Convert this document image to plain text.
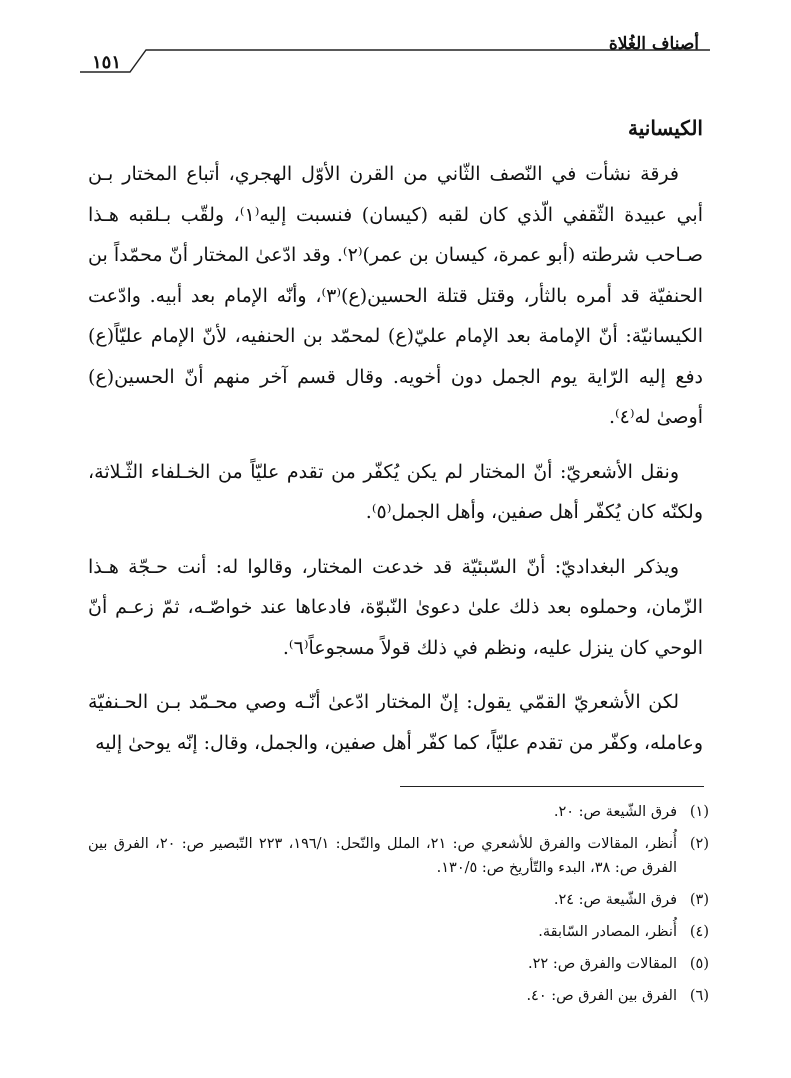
أصناف الغُلاة
١٥١
الكيسانية

فرقة نشأت في النّصف الثّاني من القرن الأوّل الهجري، أتباع المختار بـن أبي عبيدة الثّقفي الّذي كان لقبه (كيسان) فنسبت إليه⁽١⁾، ولقّب بـلقبه هـذا صـاحب شرطته (أبو عمرة، كيسان بن عمر)⁽٢⁾. وقد ادّعىٰ المختار أنّ محمّداً بن الحنفيّة قد أمره بالثأر، وقتل قتلة الحسين(ع)⁽٣⁾، وأنّه الإمام بعد أبيه. وادّعت الكيسانيّة: أنّ الإمامة بعد الإمام عليّ(ع) لمحمّد بن الحنفيه، لأنّ الإمام عليّاً(ع) دفع إليه الرّاية يوم الجمل دون أخويه. وقال قسم آخر منهم أنّ الحسين(ع) أوصىٰ له⁽٤⁾.

ونقل الأشعريّ: أنّ المختار لم يكن يُكفّر من تقدم عليّاً من الخـلفاء الثّـلاثة، ولكنّه كان يُكفّر أهل صفين، وأهل الجمل⁽٥⁾.

ويذكر البغداديّ: أنّ السّبئيّة قد خدعت المختار، وقالوا له: أنت حـجّة هـذا الزّمان، وحملوه بعد ذلك علىٰ دعوىٰ النّبوّة، فادعاها عند خواصّـه، ثمّ زعـم أنّ الوحي كان ينزل عليه، ونظم في ذلك قولاً مسجوعاً⁽٦⁾.

لكن الأشعريّ القمّي يقول: إنّ المختار ادّعىٰ أنّـه وصي محـمّد بـن الحـنفيّة وعامله، وكفّر من تقدم عليّاً، كما كفّر أهل صفين، والجمل، وقال: إنّه يوحىٰ إليه

(١)
فرق الشّيعة ص: ٢٠.
(٢)
أُنظر، المقالات والفرق للأشعري ص: ٢١، الملل والنّحل: ١٩٦/١، ٢٢٣ التّبصير ص: ٢٠، الفرق بين الفرق ص: ٣٨، البدء والتّأريخ ص: ١٣٠/٥.
(٣)
فرق الشّيعة ص: ٢٤.
(٤)
أُنظر، المصادر السّابقة.
(٥)
المقالات والفرق ص: ٢٢.
(٦)
الفرق بين الفرق ص: ٤٠.
